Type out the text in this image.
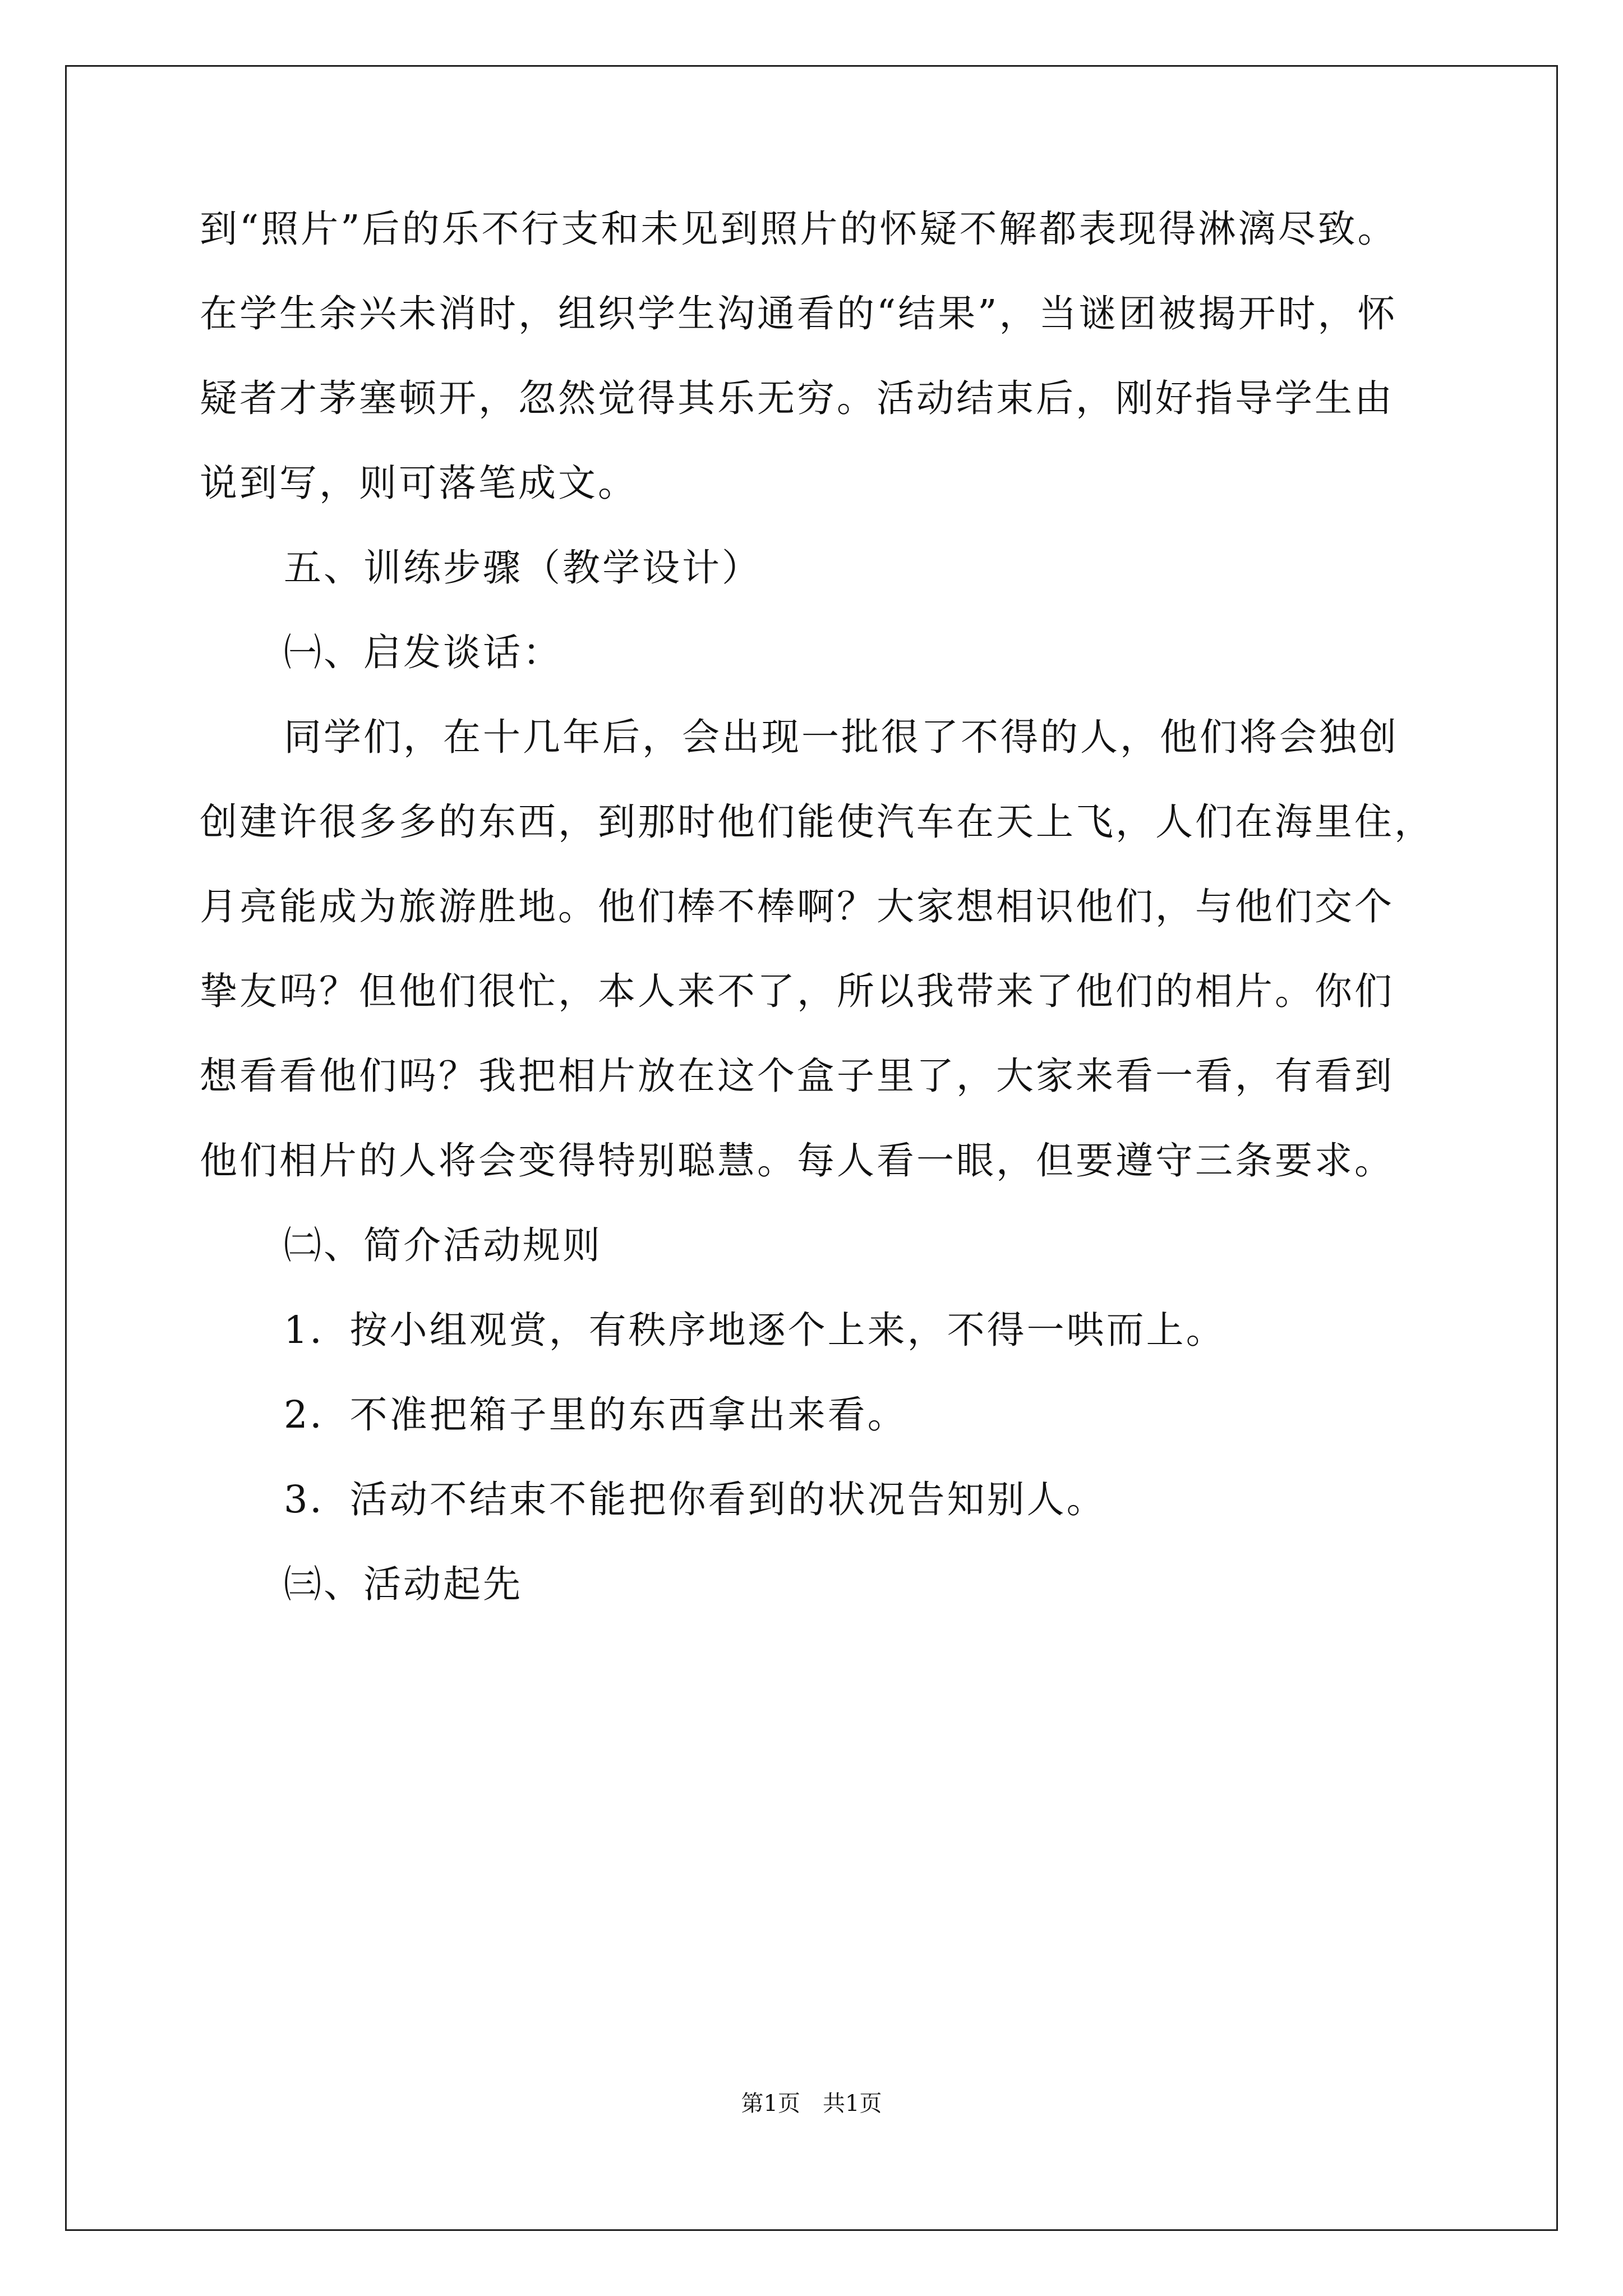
到“照片”后的乐不行支和未见到照片的怀疑不解都表现得淋漓尽致。
在学生余兴未消时，组织学生沟通看的“结果”，当谜团被揭开时，怀
疑者才茅塞顿开，忽然觉得其乐无穷。活动结束后，刚好指导学生由
说到写，则可落笔成文。
五、训练步骤（教学设计）
㈠、启发谈话：
同学们，在十几年后，会出现一批很了不得的人，他们将会独创
创建许很多多的东西，到那时他们能使汽车在天上飞，人们在海里住，
月亮能成为旅游胜地。他们棒不棒啊？大家想相识他们，与他们交个
挚友吗？但他们很忙，本人来不了，所以我带来了他们的相片。你们
想看看他们吗？我把相片放在这个盒子里了，大家来看一看，有看到
他们相片的人将会变得特别聪慧。每人看一眼，但要遵守三条要求。
㈡、简介活动规则
1．按小组观赏，有秩序地逐个上来，不得一哄而上。
2．不准把箱子里的东西拿出来看。
3．活动不结束不能把你看到的状况告知别人。
㈢、活动起先
第1页　共1页
